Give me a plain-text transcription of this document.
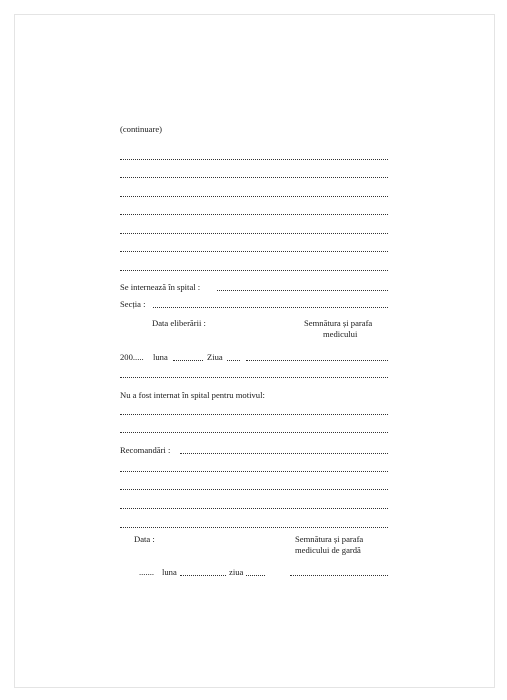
(continuare)
Se internează în spital :
Secția :
Data eliberării :	Semnătura și parafa
medicului
200..... luna	Ziua
Nu a fost internat în spital pentru motivul:
Recomandări :
Data :	Semnătura și parafa
medicului de gardă
....... luna	ziua
